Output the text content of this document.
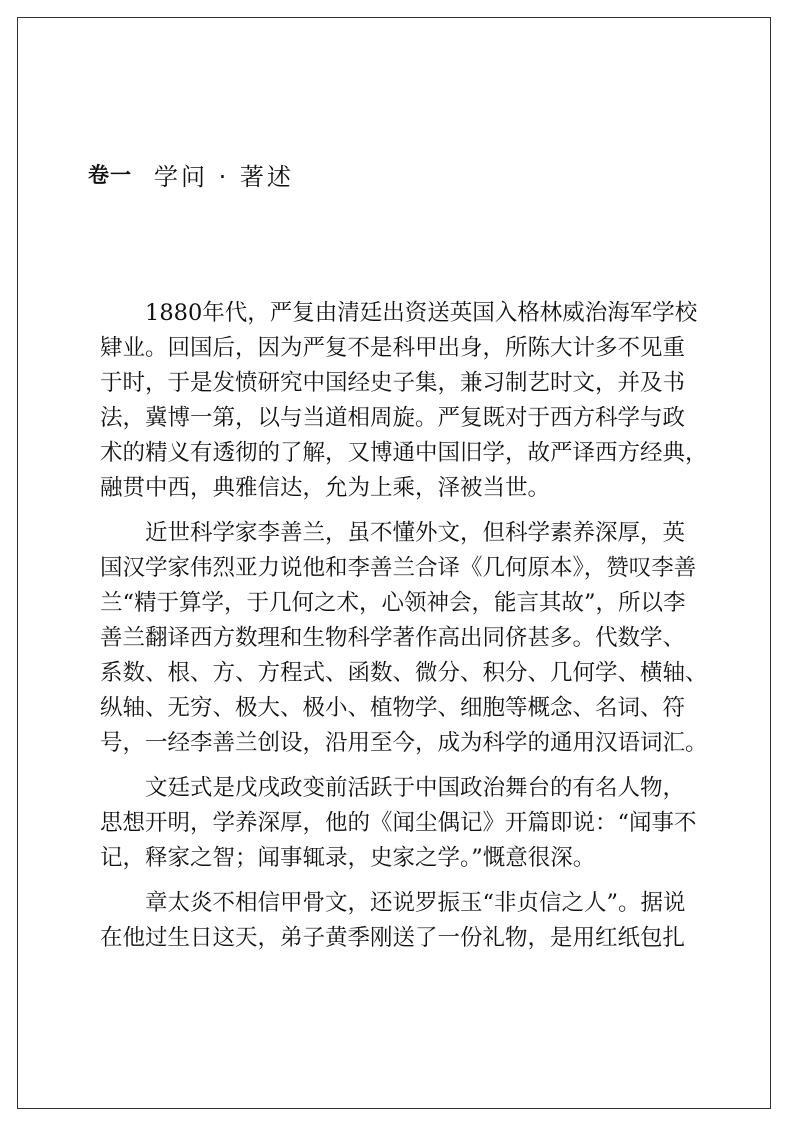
卷一 学问 · 著述
1880年代，严复由清廷出资送英国入格林威治海军学校
肄业。回国后，因为严复不是科甲出身，所陈大计多不见重
于时，于是发愤研究中国经史子集，兼习制艺时文，并及书
法，冀博一第，以与当道相周旋。严复既对于西方科学与政
术的精义有透彻的了解，又博通中国旧学，故严译西方经典，
融贯中西，典雅信达，允为上乘，泽被当世。
近世科学家李善兰，虽不懂外文，但科学素养深厚，英
国汉学家伟烈亚力说他和李善兰合译《几何原本》，赞叹李善
兰“精于算学，于几何之术，心领神会，能言其故”，所以李
善兰翻译西方数理和生物科学著作高出同侪甚多。代数学、
系数、根、方、方程式、函数、微分、积分、几何学、横轴、
纵轴、无穷、极大、极小、植物学、细胞等概念、名词、符
号，一经李善兰创设，沿用至今，成为科学的通用汉语词汇。
文廷式是戊戌政变前活跃于中国政治舞台的有名人物，
思想开明，学养深厚，他的《闻尘偶记》开篇即说：“闻事不
记，释家之智；闻事辄录，史家之学。”慨意很深。
章太炎不相信甲骨文，还说罗振玉“非贞信之人”。据说
在他过生日这天，弟子黄季刚送了一份礼物，是用红纸包扎
